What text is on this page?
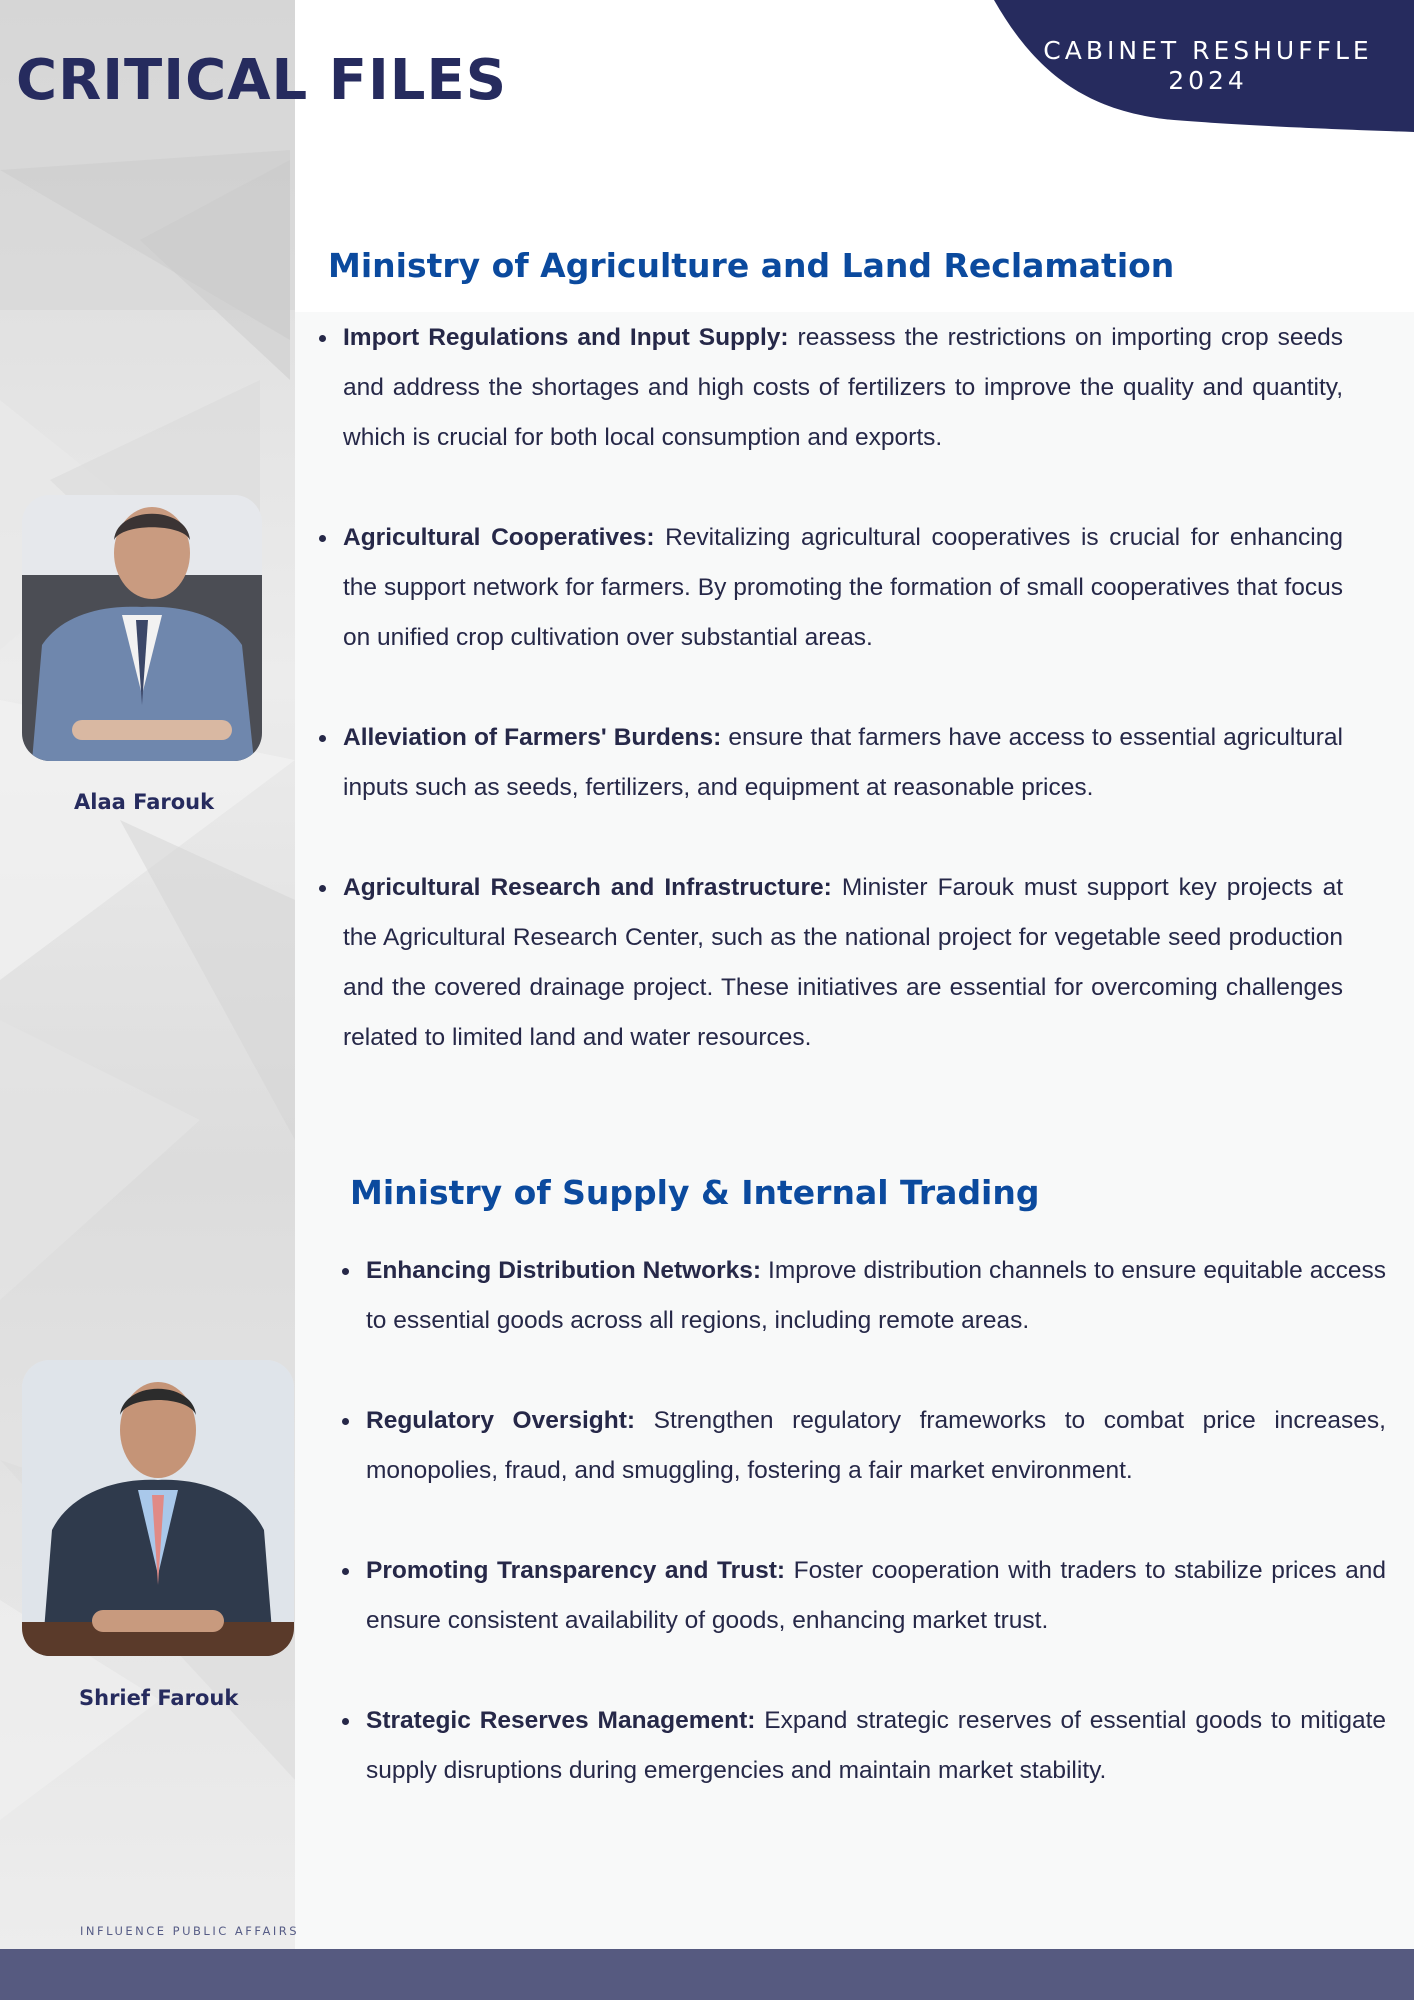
CRITICAL FILES	CABINET RESHUFFLE
2024
Ministry of Agriculture and Land Reclamation
Alaa Farouk
Import Regulations and Input Supply: reassess the restrictions on importing crop seeds and address the shortages and high costs of fertilizers to improve the quality and quantity, which is crucial for both local consumption and exports.
Agricultural Cooperatives: Revitalizing agricultural cooperatives is crucial for enhancing the support network for farmers. By promoting the formation of small cooperatives that focus on unified crop cultivation over substantial areas.
Alleviation of Farmers' Burdens: ensure that farmers have access to essential agricultural inputs such as seeds, fertilizers, and equipment at reasonable prices.
Agricultural Research and Infrastructure: Minister Farouk must support key projects at the Agricultural Research Center, such as the national project for vegetable seed production and the covered drainage project. These initiatives are essential for overcoming challenges related to limited land and water resources.
Ministry of Supply & Internal Trading
Shrief Farouk
Enhancing Distribution Networks: Improve distribution channels to ensure equitable access to essential goods across all regions, including remote areas.
Regulatory Oversight: Strengthen regulatory frameworks to combat price increases, monopolies, fraud, and smuggling, fostering a fair market environment.
Promoting Transparency and Trust: Foster cooperation with traders to stabilize prices and ensure consistent availability of goods, enhancing market trust.
Strategic Reserves Management: Expand strategic reserves of essential goods to mitigate supply disruptions during emergencies and maintain market stability.
INFLUENCE PUBLIC AFFAIRS
